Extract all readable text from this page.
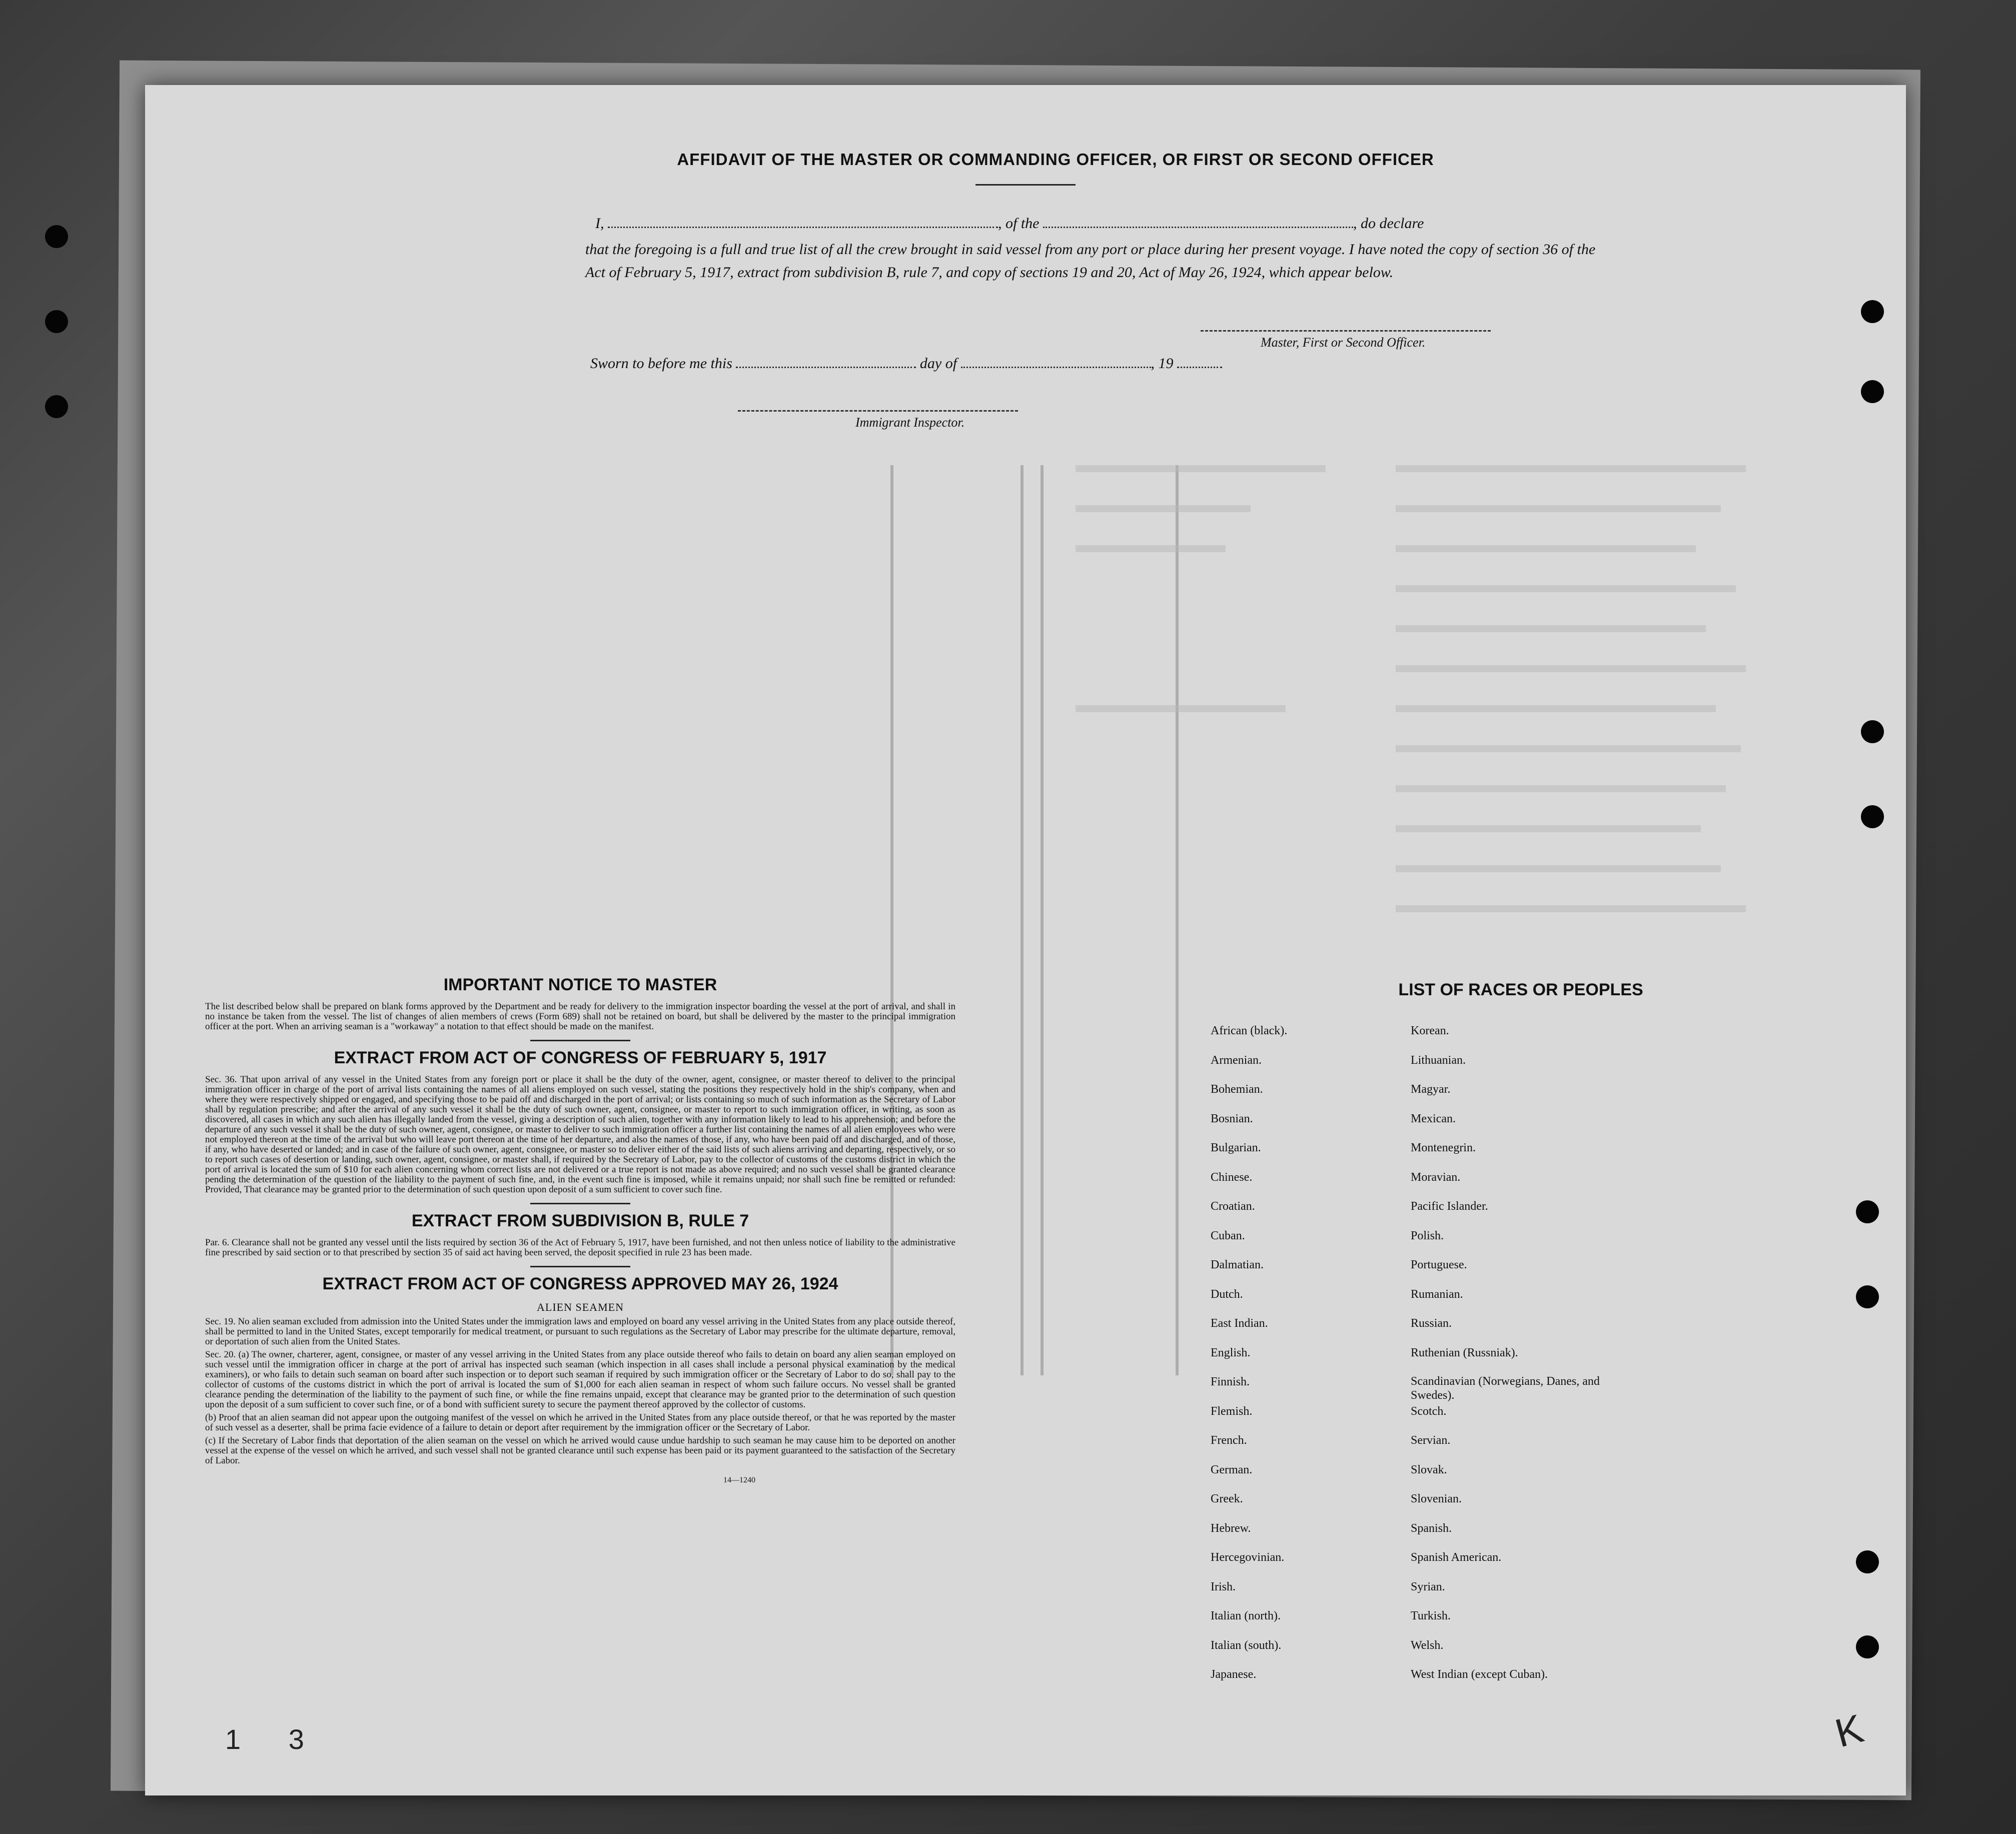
AFFIDAVIT OF THE MASTER OR COMMANDING OFFICER, OR FIRST OR SECOND OFFICER
I,	, of the	, do declare
that the foregoing is a full and true list of all the crew brought in said vessel from any port or place during her present voyage. I have noted the copy of section 36 of the Act of February 5, 1917, extract from subdivision B, rule 7, and copy of sections 19 and 20, Act of May 26, 1924, which appear below.
Master, First or Second Officer.
Sworn to before me this	day of	, 19
Immigrant Inspector.
IMPORTANT NOTICE TO MASTER

The list described below shall be prepared on blank forms approved by the Department and be ready for delivery to the immigration inspector boarding the vessel at the port of arrival, and shall in no instance be taken from the vessel. The list of changes of alien members of crews (Form 689) shall not be retained on board, but shall be delivered by the master to the principal immigration officer at the port. When an arriving seaman is a "workaway" a notation to that effect should be made on the manifest.

EXTRACT FROM ACT OF CONGRESS OF FEBRUARY 5, 1917

Sec. 36. That upon arrival of any vessel in the United States from any foreign port or place it shall be the duty of the owner, agent, consignee, or master thereof to deliver to the principal immigration officer in charge of the port of arrival lists containing the names of all aliens employed on such vessel, stating the positions they respectively hold in the ship's company, when and where they were respectively shipped or engaged, and specifying those to be paid off and discharged in the port of arrival; or lists containing so much of such information as the Secretary of Labor shall by regulation prescribe; and after the arrival of any such vessel it shall be the duty of such owner, agent, consignee, or master to report to such immigration officer, in writing, as soon as discovered, all cases in which any such alien has illegally landed from the vessel, giving a description of such alien, together with any information likely to lead to his apprehension; and before the departure of any such vessel it shall be the duty of such owner, agent, consignee, or master to deliver to such immigration officer a further list containing the names of all alien employees who were not employed thereon at the time of the arrival but who will leave port thereon at the time of her departure, and also the names of those, if any, who have been paid off and discharged, and of those, if any, who have deserted or landed; and in case of the failure of such owner, agent, consignee, or master so to deliver either of the said lists of such aliens arriving and departing, respectively, or so to report such cases of desertion or landing, such owner, agent, consignee, or master shall, if required by the Secretary of Labor, pay to the collector of customs of the customs district in which the port of arrival is located the sum of $10 for each alien concerning whom correct lists are not delivered or a true report is not made as above required; and no such vessel shall be granted clearance pending the determination of the question of the liability to the payment of such fine, and, in the event such fine is imposed, while it remains unpaid; nor shall such fine be remitted or refunded: Provided, That clearance may be granted prior to the determination of such question upon deposit of a sum sufficient to cover such fine.

EXTRACT FROM SUBDIVISION B, RULE 7

Par. 6. Clearance shall not be granted any vessel until the lists required by section 36 of the Act of February 5, 1917, have been furnished, and not then unless notice of liability to the administrative fine prescribed by said section or to that prescribed by section 35 of said act having been served, the deposit specified in rule 23 has been made.

EXTRACT FROM ACT OF CONGRESS APPROVED MAY 26, 1924
ALIEN SEAMEN

Sec. 19. No alien seaman excluded from admission into the United States under the immigration laws and employed on board any vessel arriving in the United States from any place outside thereof, shall be permitted to land in the United States, except temporarily for medical treatment, or pursuant to such regulations as the Secretary of Labor may prescribe for the ultimate departure, removal, or deportation of such alien from the United States.

Sec. 20. (a) The owner, charterer, agent, consignee, or master of any vessel arriving in the United States from any place outside thereof who fails to detain on board any alien seaman employed on such vessel until the immigration officer in charge at the port of arrival has inspected such seaman (which inspection in all cases shall include a personal physical examination by the medical examiners), or who fails to detain such seaman on board after such inspection or to deport such seaman if required by such immigration officer or the Secretary of Labor to do so, shall pay to the collector of customs of the customs district in which the port of arrival is located the sum of $1,000 for each alien seaman in respect of whom such failure occurs. No vessel shall be granted clearance pending the determination of the liability to the payment of such fine, or while the fine remains unpaid, except that clearance may be granted prior to the determination of such question upon the deposit of a sum sufficient to cover such fine, or of a bond with sufficient surety to secure the payment thereof approved by the collector of customs.

(b) Proof that an alien seaman did not appear upon the outgoing manifest of the vessel on which he arrived in the United States from any place outside thereof, or that he was reported by the master of such vessel as a deserter, shall be prima facie evidence of a failure to detain or deport after requirement by the immigration officer or the Secretary of Labor.

(c) If the Secretary of Labor finds that deportation of the alien seaman on the vessel on which he arrived would cause undue hardship to such seaman he may cause him to be deported on another vessel at the expense of the vessel on which he arrived, and such vessel shall not be granted clearance until such expense has been paid or its payment guaranteed to the satisfaction of the Secretary of Labor.

14—1240
LIST OF RACES OR PEOPLES
African (black).
Armenian.
Bohemian.
Bosnian.
Bulgarian.
Chinese.
Croatian.
Cuban.
Dalmatian.
Dutch.
East Indian.
English.
Finnish.
Flemish.
French.
German.
Greek.
Hebrew.
Hercegovinian.
Irish.
Italian (north).
Italian (south).
Japanese.
Korean.
Lithuanian.
Magyar.
Mexican.
Montenegrin.
Moravian.
Pacific Islander.
Polish.
Portuguese.
Rumanian.
Russian.
Ruthenian (Russniak).
Scandinavian (Norwegians, Danes, and Swedes).
Scotch.
Servian.
Slovak.
Slovenian.
Spanish.
Spanish American.
Syrian.
Turkish.
Welsh.
West Indian (except Cuban).
1 3	K
